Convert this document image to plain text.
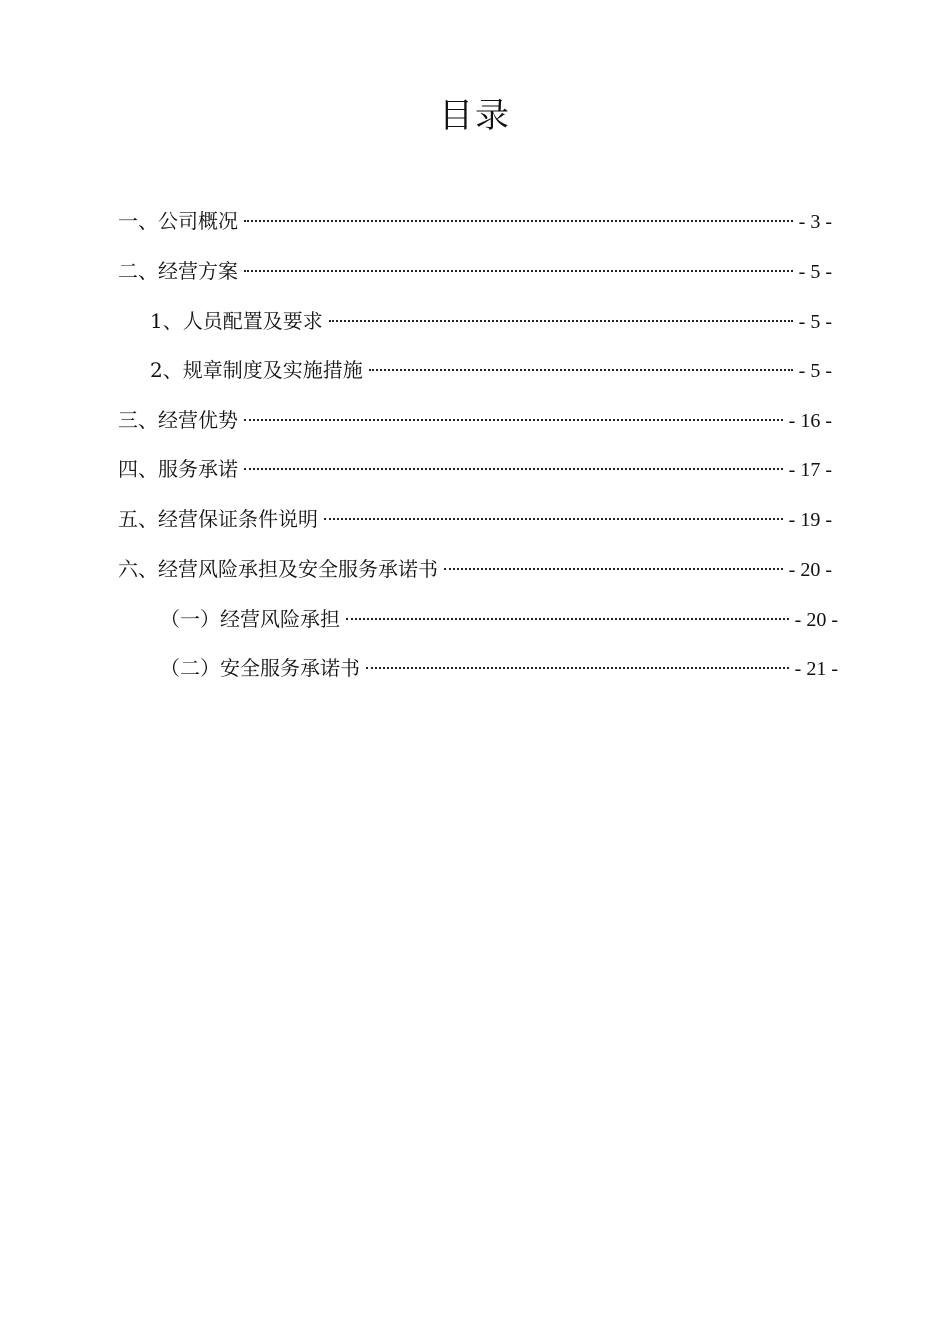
目录
一、公司概况	- 3 -
二、经营方案	- 5 -
1、人员配置及要求	- 5 -
2、规章制度及实施措施	- 5 -
三、经营优势	- 16 -
四、服务承诺	- 17 -
五、经营保证条件说明	- 19 -
六、经营风险承担及安全服务承诺书	- 20 -
（一）经营风险承担	- 20 -
（二）安全服务承诺书	- 21 -
